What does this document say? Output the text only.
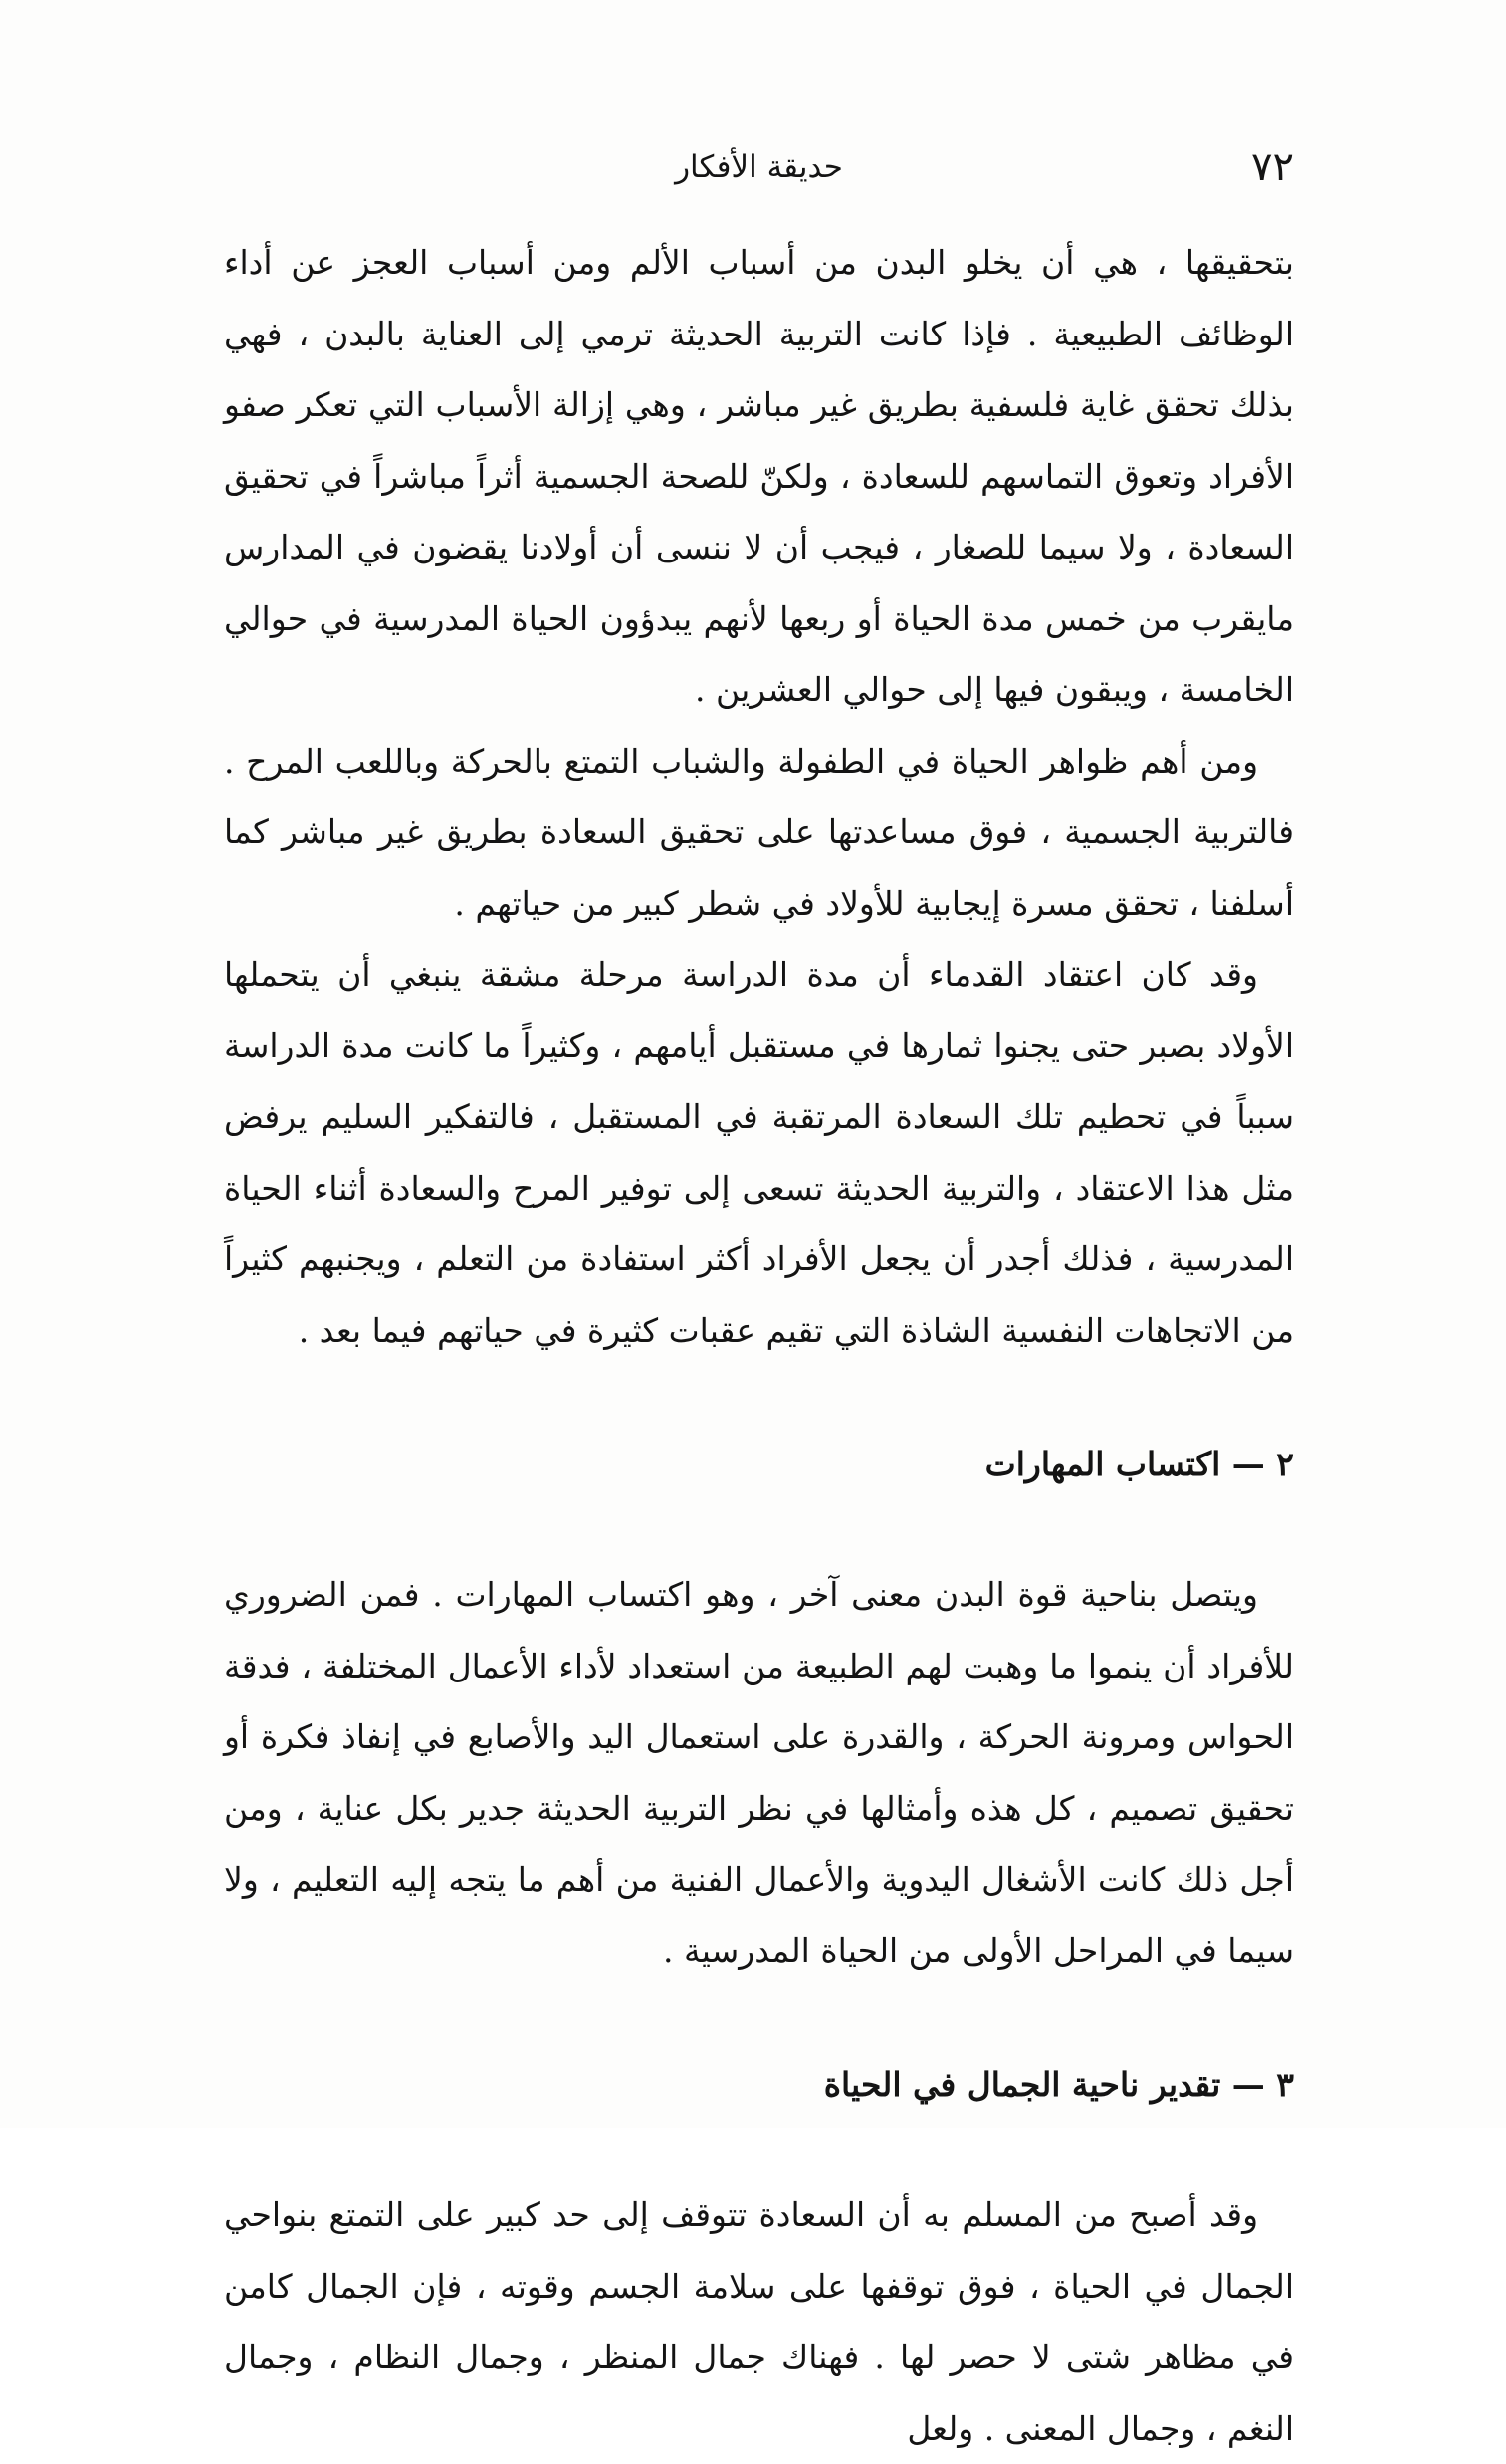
٧٢
حديقة الأفكار

بتحقيقها ، هي أن يخلو البدن من أسباب الألم ومن أسباب العجز عن أداء الوظائف الطبيعية . فإذا كانت التربية الحديثة ترمي إلى العناية بالبدن ، فهي بذلك تحقق غاية فلسفية بطريق غير مباشر ، وهي إزالة الأسباب التي تعكر صفو الأفراد وتعوق التماسهم للسعادة ، ولكنّ للصحة الجسمية أثراً مباشراً في تحقيق السعادة ، ولا سيما للصغار ، فيجب أن لا ننسى أن أولادنا يقضون في المدارس مايقرب من خمس مدة الحياة أو ربعها لأنهم يبدؤون الحياة المدرسية في حوالي الخامسة ، ويبقون فيها إلى حوالي العشرين .

ومن أهم ظواهر الحياة في الطفولة والشباب التمتع بالحركة وباللعب المرح . فالتربية الجسمية ، فوق مساعدتها على تحقيق السعادة بطريق غير مباشر كما أسلفنا ، تحقق مسرة إيجابية للأولاد في شطر كبير من حياتهم .

وقد كان اعتقاد القدماء أن مدة الدراسة مرحلة مشقة ينبغي أن يتحملها الأولاد بصبر حتى يجنوا ثمارها في مستقبل أيامهم ، وكثيراً ما كانت مدة الدراسة سبباً في تحطيم تلك السعادة المرتقبة في المستقبل ، فالتفكير السليم يرفض مثل هذا الاعتقاد ، والتربية الحديثة تسعى إلى توفير المرح والسعادة أثناء الحياة المدرسية ، فذلك أجدر أن يجعل الأفراد أكثر استفادة من التعلم ، ويجنبهم كثيراً من الاتجاهات النفسية الشاذة التي تقيم عقبات كثيرة في حياتهم فيما بعد .

٢ — اكتساب المهارات

ويتصل بناحية قوة البدن معنى آخر ، وهو اكتساب المهارات . فمن الضروري للأفراد أن ينموا ما وهبت لهم الطبيعة من استعداد لأداء الأعمال المختلفة ، فدقة الحواس ومرونة الحركة ، والقدرة على استعمال اليد والأصابع في إنفاذ فكرة أو تحقيق تصميم ، كل هذه وأمثالها في نظر التربية الحديثة جدير بكل عناية ، ومن أجل ذلك كانت الأشغال اليدوية والأعمال الفنية من أهم ما يتجه إليه التعليم ، ولا سيما في المراحل الأولى من الحياة المدرسية .

٣ — تقدير ناحية الجمال في الحياة

وقد أصبح من المسلم به أن السعادة تتوقف إلى حد كبير على التمتع بنواحي الجمال في الحياة ، فوق توقفها على سلامة الجسم وقوته ، فإن الجمال كامن في مظاهر شتى لا حصر لها . فهناك جمال المنظر ، وجمال النظام ، وجمال النغم ، وجمال المعنى . ولعل
